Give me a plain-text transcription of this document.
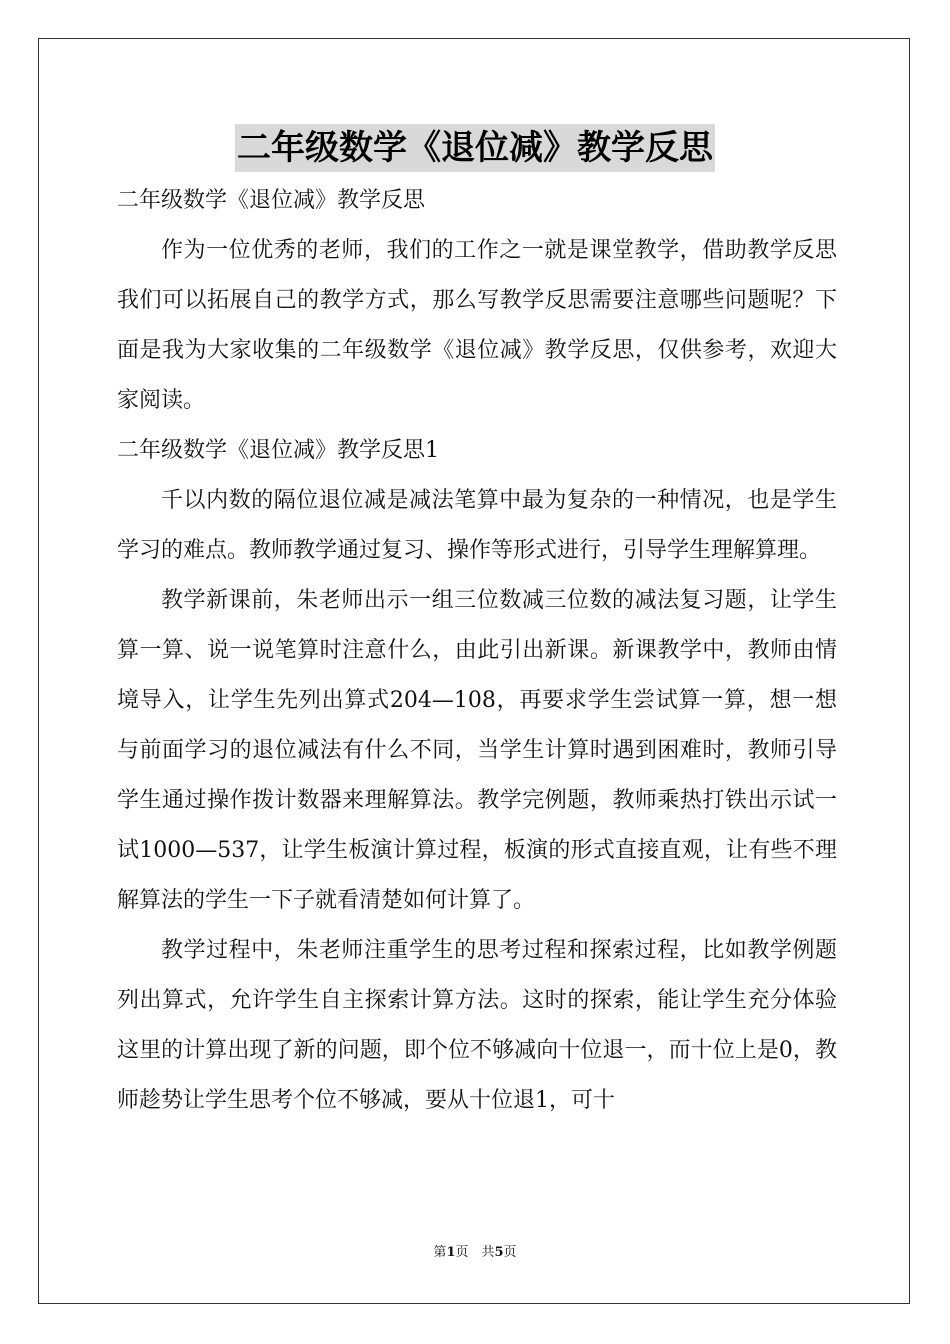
二年级数学《退位减》教学反思

二年级数学《退位减》教学反思

作为一位优秀的老师，我们的工作之一就是课堂教学，借助教学反思我们可以拓展自己的教学方式，那么写教学反思需要注意哪些问题呢？下面是我为大家收集的二年级数学《退位减》教学反思，仅供参考，欢迎大家阅读。

二年级数学《退位减》教学反思1

千以内数的隔位退位减是减法笔算中最为复杂的一种情况，也是学生学习的难点。教师教学通过复习、操作等形式进行，引导学生理解算理。

教学新课前，朱老师出示一组三位数减三位数的减法复习题，让学生算一算、说一说笔算时注意什么，由此引出新课。新课教学中，教师由情境导入，让学生先列出算式204—108，再要求学生尝试算一算，想一想与前面学习的退位减法有什么不同，当学生计算时遇到困难时，教师引导学生通过操作拨计数器来理解算法。教学完例题，教师乘热打铁出示试一试1000—537，让学生板演计算过程，板演的形式直接直观，让有些不理解算法的学生一下子就看清楚如何计算了。

教学过程中，朱老师注重学生的思考过程和探索过程，比如教学例题列出算式，允许学生自主探索计算方法。这时的探索，能让学生充分体验这里的计算出现了新的问题，即个位不够减向十位退一，而十位上是0，教师趁势让学生思考个位不够减，要从十位退1，可十

第1页　共5页
